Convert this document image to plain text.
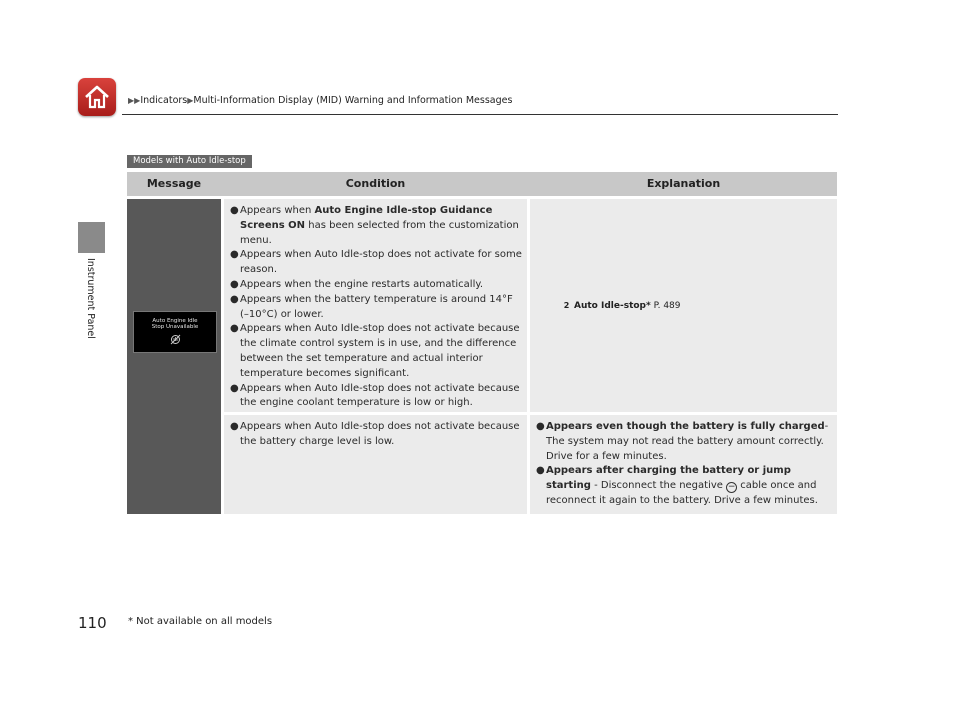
▶▶Indicators▶Multi-Information Display (MID) Warning and Information Messages
Instrument Panel
Models with Auto Idle-stop
Message	Condition	Explanation
Auto Engine Idle
Stop Unavailable
● Appears when Auto Engine Idle-stop Guidance Screens ON has been selected from the customization menu.
● Appears when Auto Idle-stop does not activate for some reason.
● Appears when the engine restarts automatically.
● Appears when the battery temperature is around 14°F (–10°C) or lower.
● Appears when Auto Idle-stop does not activate because the climate control system is in use, and the difference between the set temperature and actual interior temperature becomes significant.
● Appears when Auto Idle-stop does not activate because the engine coolant temperature is low or high.
2 Auto Idle-stop* P. 489
● Appears when Auto Idle-stop does not activate because the battery charge level is low.
● Appears even though the battery is fully charged- The system may not read the battery amount correctly. Drive for a few minutes.
● Appears after charging the battery or jump starting - Disconnect the negative − cable once and reconnect it again to the battery. Drive a few minutes.
110 * Not available on all models
